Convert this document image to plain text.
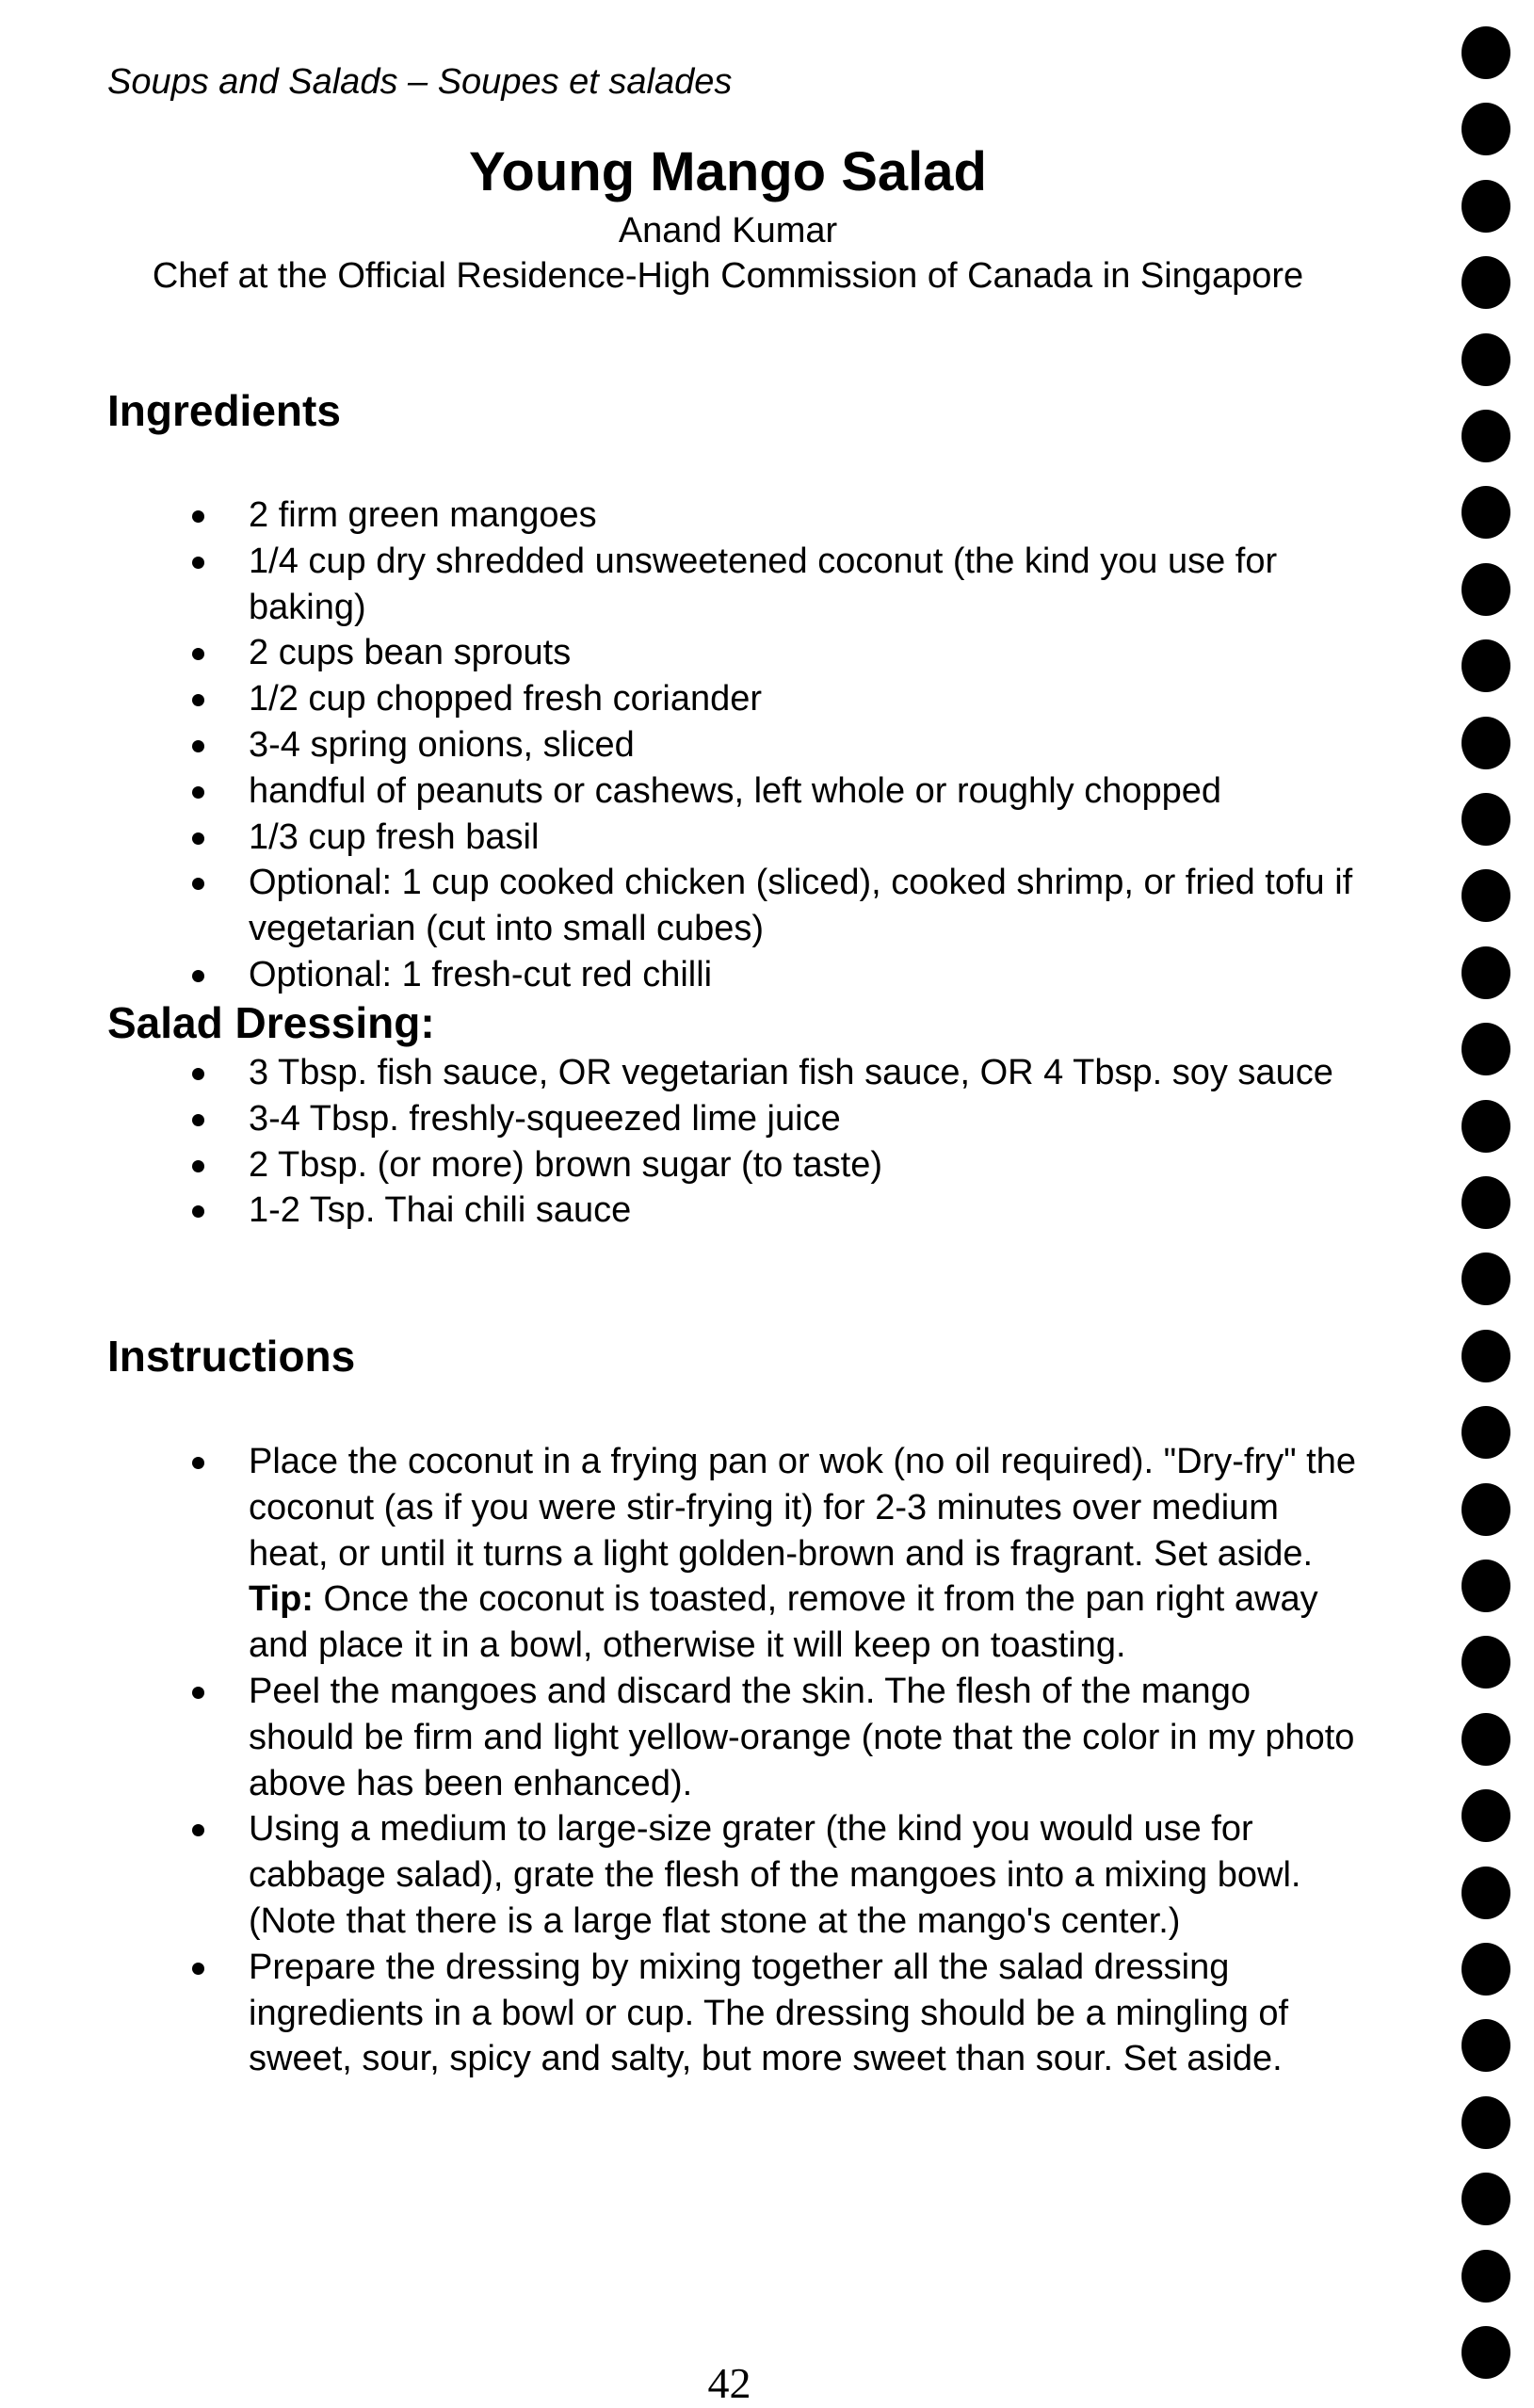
Soups and Salads – Soupes et salades
Young Mango Salad
Anand Kumar
Chef at the Official Residence-High Commission of Canada in Singapore
Ingredients
2 firm green mangoes
1/4 cup dry shredded unsweetened coconut (the kind you use for baking)
2 cups bean sprouts
1/2 cup chopped fresh coriander
3-4 spring onions, sliced
handful of peanuts or cashews, left whole or roughly chopped
1/3 cup fresh basil
Optional: 1 cup cooked chicken (sliced), cooked shrimp, or fried tofu if vegetarian (cut into small cubes)
Optional: 1 fresh-cut red chilli
Salad Dressing:
3 Tbsp. fish sauce, OR vegetarian fish sauce, OR 4 Tbsp. soy sauce
3-4 Tbsp. freshly-squeezed lime juice
2 Tbsp. (or more) brown sugar (to taste)
1-2 Tsp. Thai chili sauce
Instructions
Place the coconut in a frying pan or wok (no oil required). "Dry-fry" the coconut (as if you were stir-frying it) for 2-3 minutes over medium heat, or until it turns a light golden-brown and is fragrant. Set aside. Tip: Once the coconut is toasted, remove it from the pan right away and place it in a bowl, otherwise it will keep on toasting.
Peel the mangoes and discard the skin. The flesh of the mango should be firm and light yellow-orange (note that the color in my photo above has been enhanced).
Using a medium to large-size grater (the kind you would use for cabbage salad), grate the flesh of the mangoes into a mixing bowl. (Note that there is a large flat stone at the mango's center.)
Prepare the dressing by mixing together all the salad dressing ingredients in a bowl or cup. The dressing should be a mingling of sweet, sour, spicy and salty, but more sweet than sour. Set aside.
42
